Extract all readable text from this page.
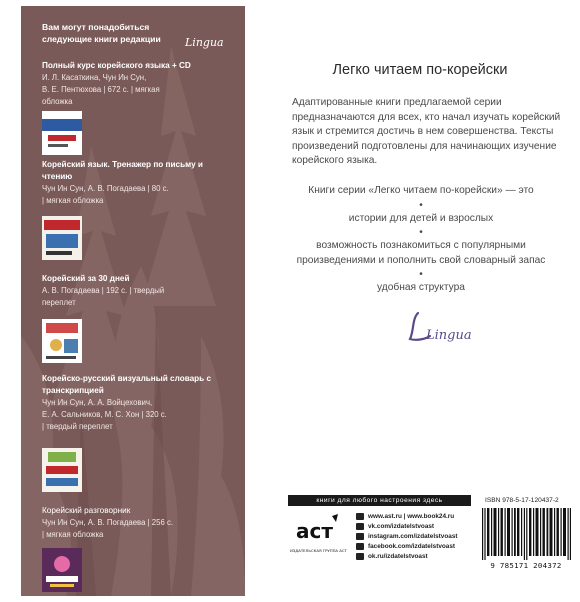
Вам могут понадобиться следующие книги редакции	Lingua
Полный курс корейского языка + CD
И. Л. Касаткина, Чун Ин Сун,
В. Е. Пентюхова | 672 с. | мягкая
обложка
Корейский язык. Тренажер по письму и чтению
Чун Ин Сун, А. В. Погадаева | 80 с.
| мягкая обложка
Корейский за 30 дней
А. В. Погадаева | 192 с. | твердый
переплет
Корейско-русский визуальный словарь с транскрипцией
Чун Ин Сун, А. А. Войцехович,
Е. А. Сальников, М. С. Хон | 320 с.
| твердый переплет
Корейский разговорник
Чун Ин Сун, А. В. Погадаева | 256 с.
| мягкая обложка
Легко читаем по-корейски
Адаптированные книги предлагаемой серии предназначаются для всех, кто начал изучать корейский язык и стремится достичь в нем совершенства. Тексты произведений подготовлены для начинающих изучение корейского языка.
Книги серии «Легко читаем по-корейски» — это
•
истории для детей и взрослых
•
возможность познакомиться с популярными произведениями и пополнить свой словарный запас
•
удобная структура
Lingua
книги для любого настроения здесь	ISBN 978-5-17-120437-2
аст
ИЗДАТЕЛЬСКАЯ ГРУППА АСТ
www.ast.ru | www.book24.ru
vk.com/izdatelstvoast
instagram.com/izdatelstvoast
facebook.com/izdatelstvoast
ok.ru/izdatelstvoast
9 785171 204372
